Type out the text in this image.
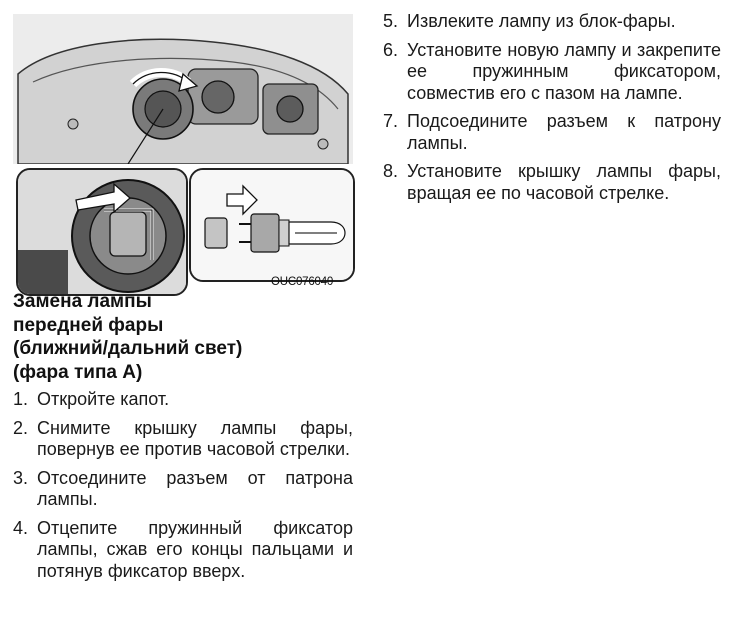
OUC076040
Замена лампы
передней фары
(ближний/дальний свет)
(фара типа A)
1. Откройте капот.
2. Снимите крышку лампы фары, повернув ее против часовой стрелки.
3. Отсоедините разъем от патрона лампы.
4. Отцепите пружинный фиксатор лампы, сжав его концы пальцами и потянув фиксатор вверх.
5. Извлеките лампу из блок-фары.
6. Установите новую лампу и закрепите ее пружинным фиксатором, совместив его с пазом на лампе.
7. Подсоедините разъем к патрону лампы.
8. Установите крышку лампы фары, вращая ее по часовой стрелке.
